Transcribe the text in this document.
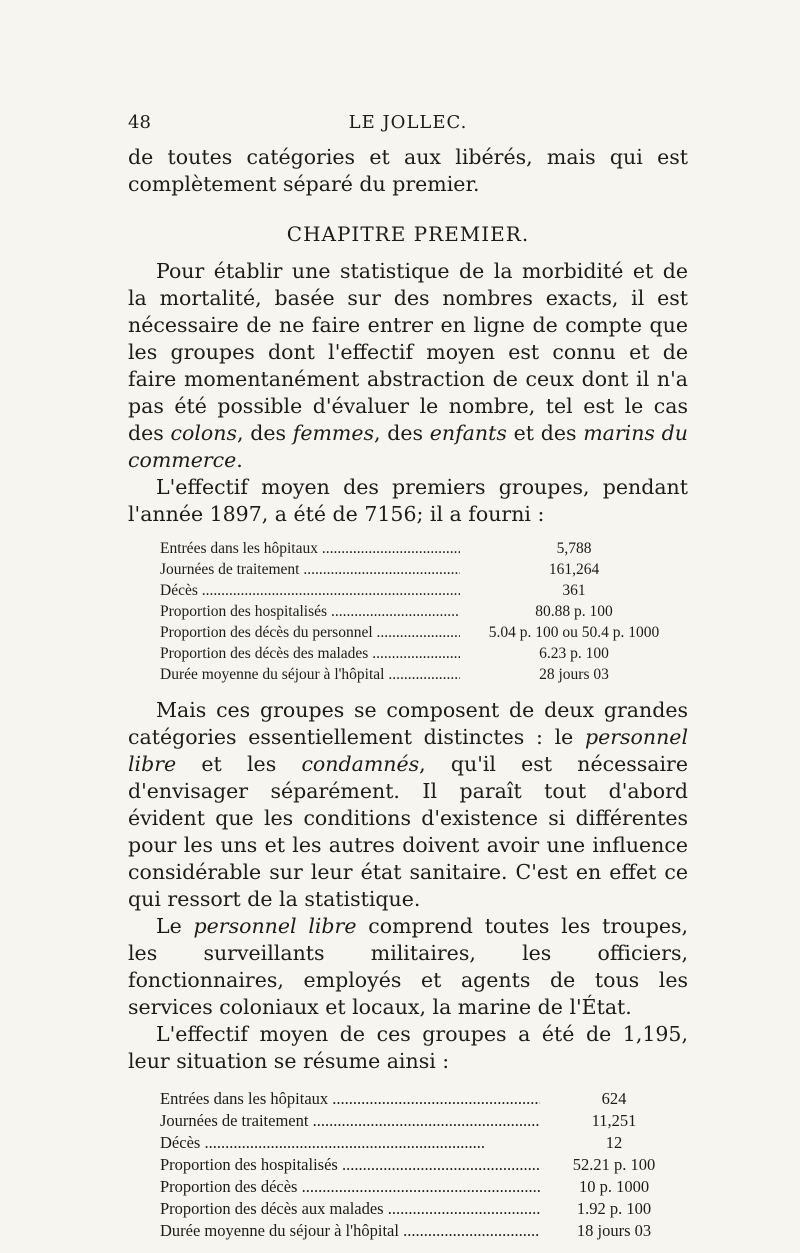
48	LE JOLLEC.

de toutes catégories et aux libérés, mais qui est complètement séparé du premier.

CHAPITRE PREMIER.

Pour établir une statistique de la morbidité et de la mortalité, basée sur des nombres exacts, il est nécessaire de ne faire entrer en ligne de compte que les groupes dont l'effectif moyen est connu et de faire momentanément abstraction de ceux dont il n'a pas été possible d'évaluer le nombre, tel est le cas des colons, des femmes, des enfants et des marins du commerce.

L'effectif moyen des premiers groupes, pendant l'année 1897, a été de 7156; il a fourni :

Entrées dans les hôpitaux .....	5,788
Journées de traitement .....	161,264
Décès .....	361
Proportion des hospitalisés .....	80.88 p. 100
Proportion des décès du personnel .....	5.04 p. 100 ou 50.4 p. 1000
Proportion des décès des malades .....	6.23 p. 100
Durée moyenne du séjour à l'hôpital .....	28 jours 03

Mais ces groupes se composent de deux grandes catégories essentiellement distinctes : le personnel libre et les condamnés, qu'il est nécessaire d'envisager séparément. Il paraît tout d'abord évident que les conditions d'existence si différentes pour les uns et les autres doivent avoir une influence considérable sur leur état sanitaire. C'est en effet ce qui ressort de la statistique.

Le personnel libre comprend toutes les troupes, les surveillants militaires, les officiers, fonctionnaires, employés et agents de tous les services coloniaux et locaux, la marine de l'État.

L'effectif moyen de ces groupes a été de 1,195, leur situation se résume ainsi :

Entrées dans les hôpitaux .....	624
Journées de traitement .....	11,251
Décès .....	12
Proportion des hospitalisés .....	52.21 p. 100
Proportion des décès .....	10 p. 1000
Proportion des décès aux malades .....	1.92 p. 100
Durée moyenne du séjour à l'hôpital .....	18 jours 03
